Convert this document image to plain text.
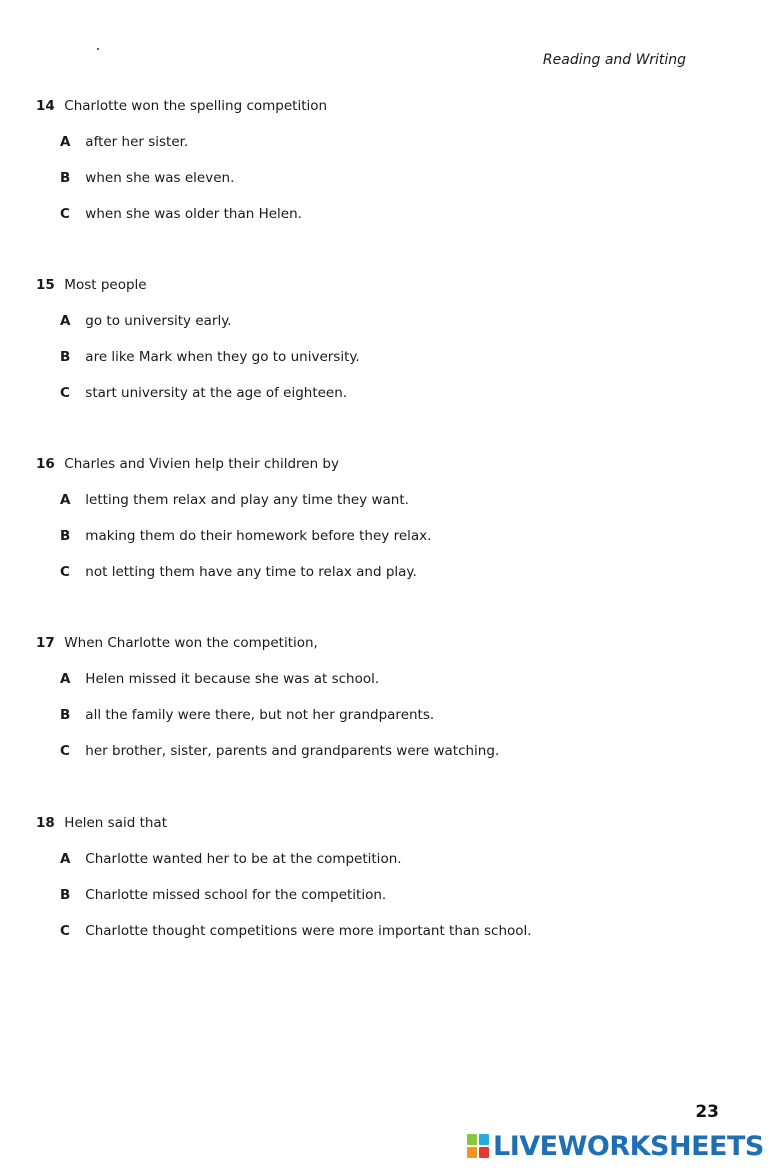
Reading and Writing
14 Charlotte won the spelling competition
A after her sister.
B when she was eleven.
C when she was older than Helen.
15 Most people
A go to university early.
B are like Mark when they go to university.
C start university at the age of eighteen.
16 Charles and Vivien help their children by
A letting them relax and play any time they want.
B making them do their homework before they relax.
C not letting them have any time to relax and play.
17 When Charlotte won the competition,
A Helen missed it because she was at school.
B all the family were there, but not her grandparents.
C her brother, sister, parents and grandparents were watching.
18 Helen said that
A Charlotte wanted her to be at the competition.
B Charlotte missed school for the competition.
C Charlotte thought competitions were more important than school.
23
LIVEWORKSHEETS
